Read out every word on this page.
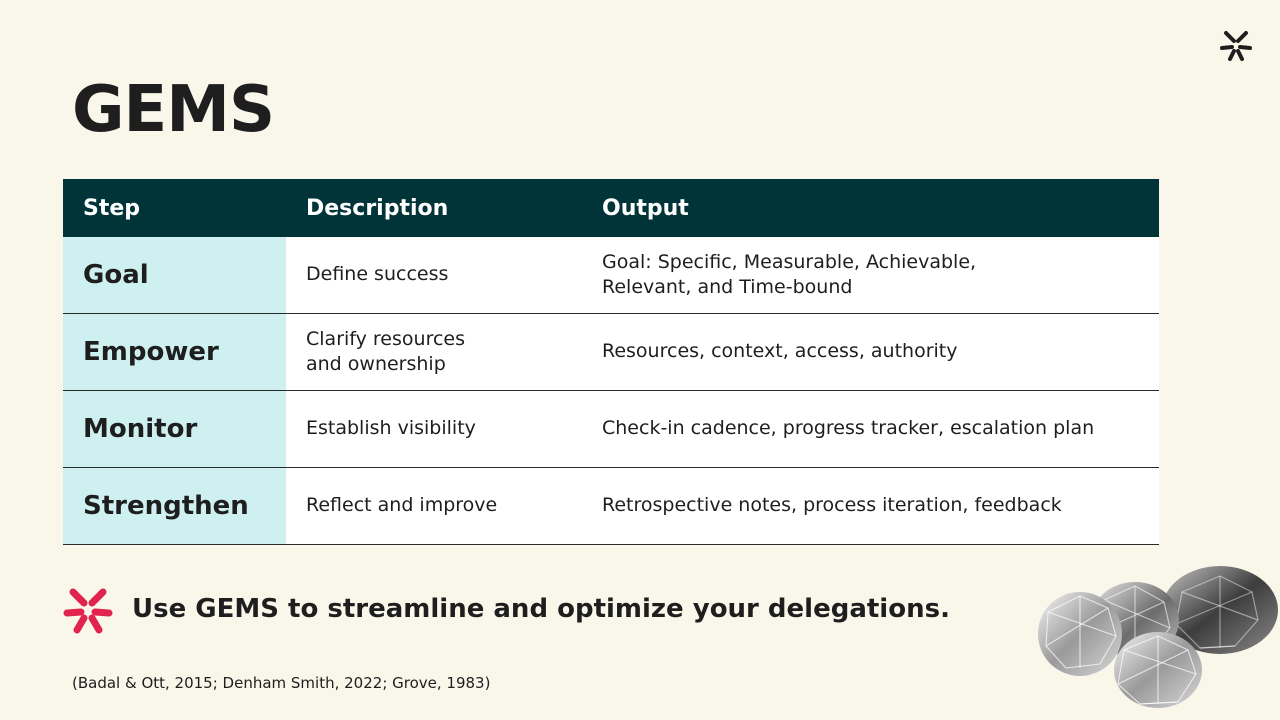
GEMS
Step	Description	Output

Goal	Define success	Goal: Specific, Measurable, Achievable,
Relevant, and Time-bound

Empower	Clarify resources
and ownership	Resources, context, access, authority

Monitor	Establish visibility	Check-in cadence, progress tracker, escalation plan

Strengthen	Reflect and improve	Retrospective notes, process iteration, feedback

Use GEMS to streamline and optimize your delegations.

(Badal & Ott, 2015; Denham Smith, 2022; Grove, 1983)
